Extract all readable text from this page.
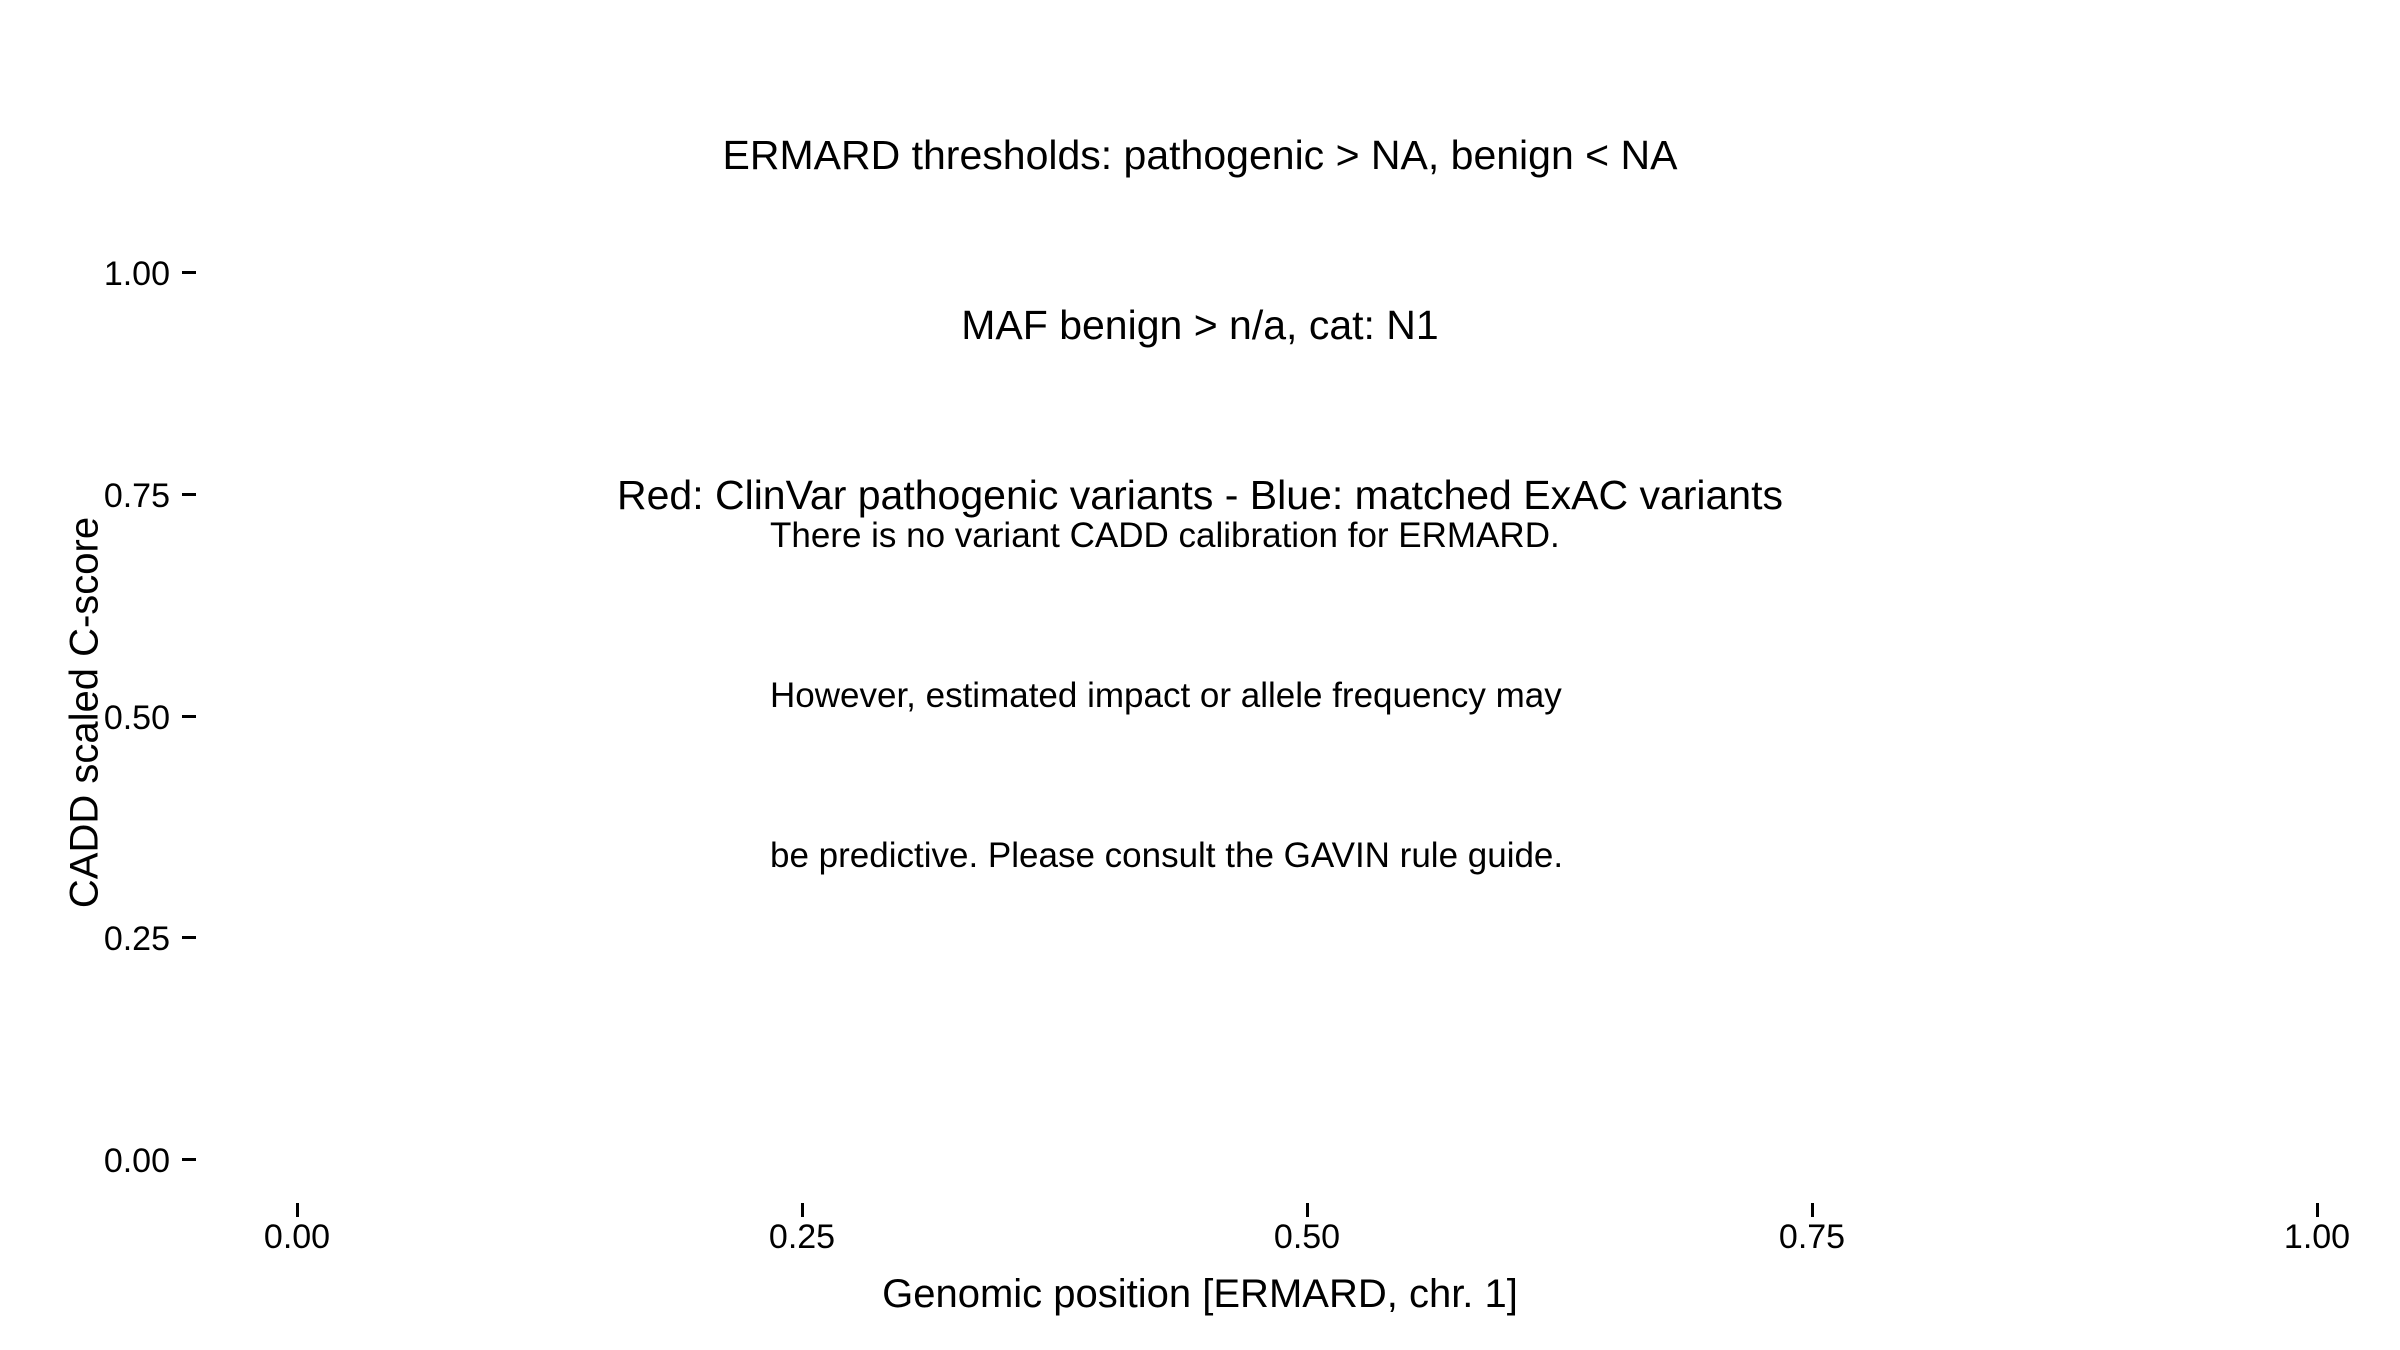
ERMARD thresholds: pathogenic > NA, benign < NA

MAF benign > n/a, cat: N1

Red: ClinVar pathogenic variants - Blue: matched ExAC variants

CADD scaled C-score
1.00
0.75
0.50
0.25
0.00
0.00	0.25	0.50	0.75	1.00
Genomic position [ERMARD, chr. 1]

There is no variant CADD calibration for ERMARD.

However, estimated impact or allele frequency may

be predictive. Please consult the GAVIN rule guide.
